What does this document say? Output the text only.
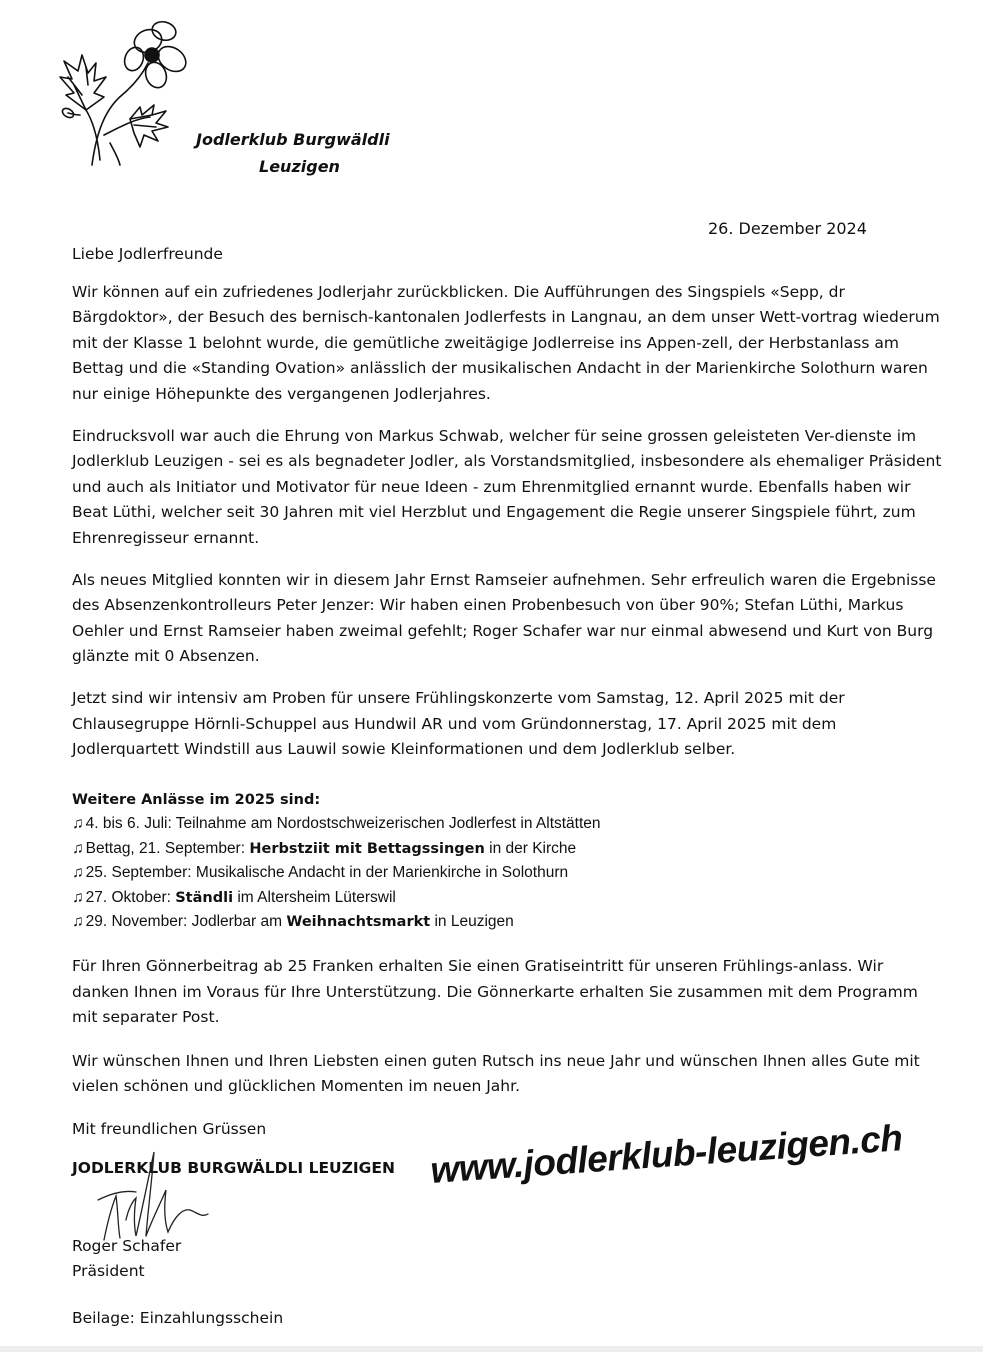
Jodlerklub Burgwäldli
Leuzigen
26. Dezember 2024

Liebe Jodlerfreunde

Wir können auf ein zufriedenes Jodlerjahr zurückblicken. Die Aufführungen des Singspiels «Sepp, dr Bärgdoktor», der Besuch des bernisch-kantonalen Jodlerfests in Langnau, an dem unser Wett-vortrag wiederum mit der Klasse 1 belohnt wurde, die gemütliche zweitägige Jodlerreise ins Appen-zell, der Herbstanlass am Bettag und die «Standing Ovation» anlässlich der musikalischen Andacht in der Marienkirche Solothurn waren nur einige Höhepunkte des vergangenen Jodlerjahres.

Eindrucksvoll war auch die Ehrung von Markus Schwab, welcher für seine grossen geleisteten Ver-dienste im Jodlerklub Leuzigen - sei es als begnadeter Jodler, als Vorstandsmitglied, insbesondere als ehemaliger Präsident und auch als Initiator und Motivator für neue Ideen - zum Ehrenmitglied ernannt wurde. Ebenfalls haben wir Beat Lüthi, welcher seit 30 Jahren mit viel Herzblut und Engagement die Regie unserer Singspiele führt, zum Ehrenregisseur ernannt.

Als neues Mitglied konnten wir in diesem Jahr Ernst Ramseier aufnehmen. Sehr erfreulich waren die Ergebnisse des Absenzenkontrolleurs Peter Jenzer: Wir haben einen Probenbesuch von über 90%; Stefan Lüthi, Markus Oehler und Ernst Ramseier haben zweimal gefehlt; Roger Schafer war nur einmal abwesend und Kurt von Burg glänzte mit 0 Absenzen.

Jetzt sind wir intensiv am Proben für unsere Frühlingskonzerte vom Samstag, 12. April 2025 mit der Chlausegruppe Hörnli-Schuppel aus Hundwil AR und vom Gründonnerstag, 17. April 2025 mit dem Jodlerquartett Windstill aus Lauwil sowie Kleinformationen und dem Jodlerklub selber.

Weitere Anlässe im 2025 sind:
♫ 4. bis 6. Juli: Teilnahme am Nordostschweizerischen Jodlerfest in Altstätten
♫ Bettag, 21. September: Herbstziit mit Bettagssingen in der Kirche
♫ 25. September: Musikalische Andacht in der Marienkirche in Solothurn
♫ 27. Oktober: Ständli im Altersheim Lüterswil
♫ 29. November: Jodlerbar am Weihnachtsmarkt in Leuzigen

Für Ihren Gönnerbeitrag ab 25 Franken erhalten Sie einen Gratiseintritt für unseren Frühlings-anlass. Wir danken Ihnen im Voraus für Ihre Unterstützung. Die Gönnerkarte erhalten Sie zusammen mit dem Programm mit separater Post.

Wir wünschen Ihnen und Ihren Liebsten einen guten Rutsch ins neue Jahr und wünschen Ihnen alles Gute mit vielen schönen und glücklichen Momenten im neuen Jahr.

Mit freundlichen Grüssen
JODLERKLUB BURGWÄLDLI LEUZIGEN
Roger Schafer
Präsident
Beilage: Einzahlungsschein
www.jodlerklub-leuzigen.ch
